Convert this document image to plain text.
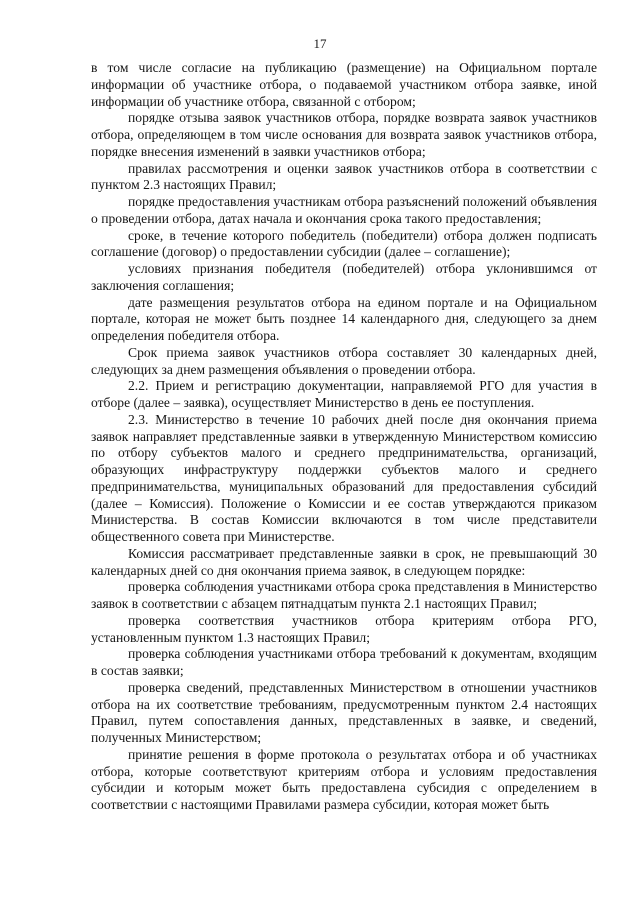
17

в том числе согласие на публикацию (размещение) на Официальном портале информации об участнике отбора, о подаваемой участником отбора заявке, иной информации об участнике отбора, связанной с отбором;

порядке отзыва заявок участников отбора, порядке возврата заявок участников отбора, определяющем в том числе основания для возврата заявок участников отбора, порядке внесения изменений в заявки участников отбора;

правилах рассмотрения и оценки заявок участников отбора в соответствии с пунктом 2.3 настоящих Правил;

порядке предоставления участникам отбора разъяснений положений объявления о проведении отбора, датах начала и окончания срока такого предоставления;

сроке, в течение которого победитель (победители) отбора должен подписать соглашение (договор) о предоставлении субсидии (далее – соглашение);

условиях признания победителя (победителей) отбора уклонившимся от заключения соглашения;

дате размещения результатов отбора на едином портале и на Официальном портале, которая не может быть позднее 14 календарного дня, следующего за днем определения победителя отбора.

Срок приема заявок участников отбора составляет 30 календарных дней, следующих за днем размещения объявления о проведении отбора.

2.2. Прием и регистрацию документации, направляемой РГО для участия в отборе (далее – заявка), осуществляет Министерство в день ее поступления.

2.3. Министерство в течение 10 рабочих дней после дня окончания приема заявок направляет представленные заявки в утвержденную Министерством комиссию по отбору субъектов малого и среднего предпринимательства, организаций, образующих инфраструктуру поддержки субъектов малого и среднего предпринимательства, муниципальных образований для предоставления субсидий (далее – Комиссия). Положение о Комиссии и ее состав утверждаются приказом Министерства. В состав Комиссии включаются в том числе представители общественного совета при Министерстве.

Комиссия рассматривает представленные заявки в срок, не превышающий 30 календарных дней со дня окончания приема заявок, в следующем порядке:

проверка соблюдения участниками отбора срока представления в Министерство заявок в соответствии с абзацем пятнадцатым пункта 2.1 настоящих Правил;

проверка соответствия участников отбора критериям отбора РГО, установленным пунктом 1.3 настоящих Правил;

проверка соблюдения участниками отбора требований к документам, входящим в состав заявки;

проверка сведений, представленных Министерством в отношении участников отбора на их соответствие требованиям, предусмотренным пунктом 2.4 настоящих Правил, путем сопоставления данных, представленных в заявке, и сведений, полученных Министерством;

принятие решения в форме протокола о результатах отбора и об участниках отбора, которые соответствуют критериям отбора и условиям предоставления субсидии и которым может быть предоставлена субсидия с определением в соответствии с настоящими Правилами размера субсидии, которая может быть
